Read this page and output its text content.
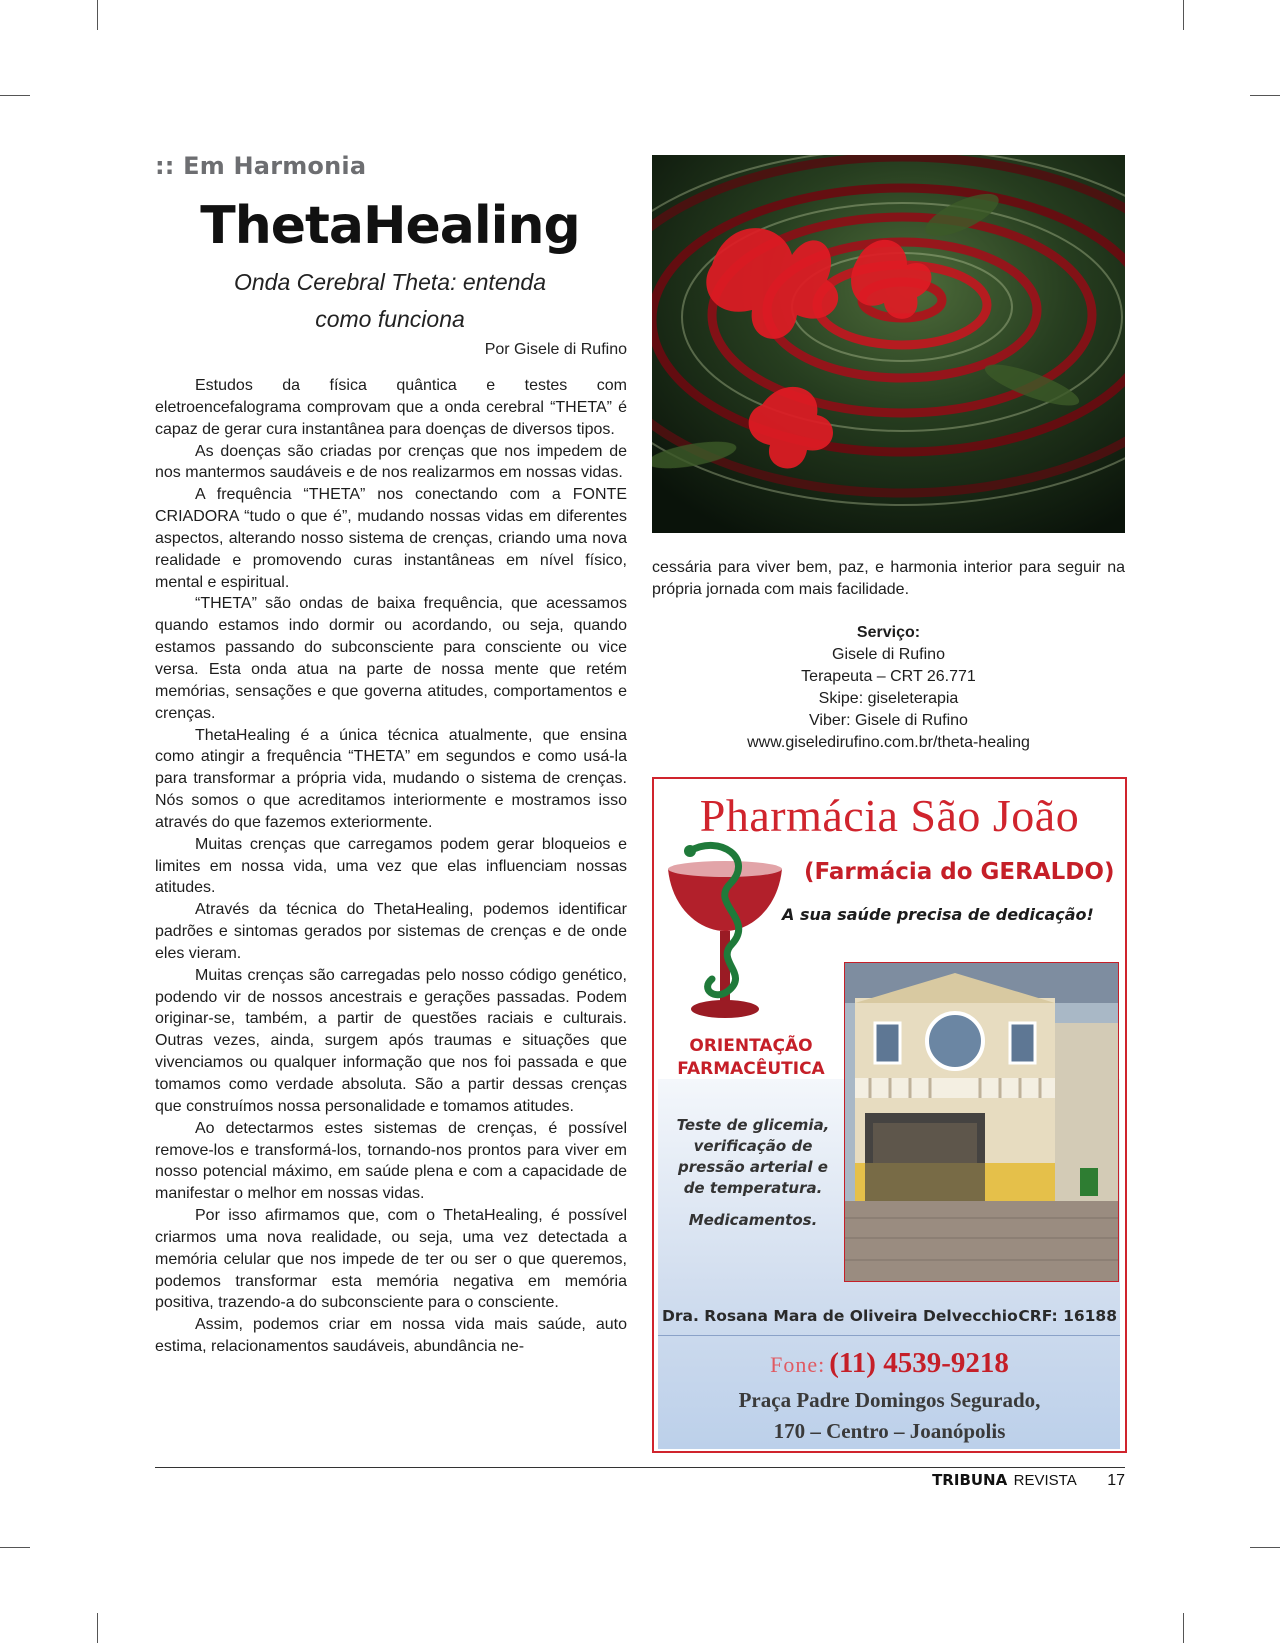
:: Em Harmonia
ThetaHealing
Onda Cerebral Theta: entenda
como funciona
Por Gisele di Rufino

Estudos da física quântica e testes com eletroencefalograma comprovam que a onda cerebral “THETA” é capaz de gerar cura instantânea para doenças de diversos tipos.

As doenças são criadas por crenças que nos impedem de nos mantermos saudáveis e de nos realizarmos em nossas vidas.

A frequência “THETA” nos conectando com a FONTE CRIADORA “tudo o que é”, mudando nossas vidas em diferentes aspectos, alterando nosso sistema de crenças, criando uma nova realidade e promovendo curas instantâneas em nível físico, mental e espiritual.

“THETA” são ondas de baixa frequência, que acessamos quando estamos indo dormir ou acordando, ou seja, quando estamos passando do subconsciente para consciente ou vice versa. Esta onda atua na parte de nossa mente que retém memórias, sensações e que governa atitudes, comportamentos e crenças.

ThetaHealing é a única técnica atualmente, que ensina como atingir a frequência “THETA” em segundos e como usá-la para transformar a própria vida, mudando o sistema de crenças. Nós somos o que acreditamos interiormente e mostramos isso através do que fazemos exteriormente.

Muitas crenças que carregamos podem gerar bloqueios e limites em nossa vida, uma vez que elas influenciam nossas atitudes.

Através da técnica do ThetaHealing, podemos identificar padrões e sintomas gerados por sistemas de crenças e de onde eles vieram.

Muitas crenças são carregadas pelo nosso código genético, podendo vir de nossos ancestrais e gerações passadas. Podem originar-se, também, a partir de questões raciais e culturais. Outras vezes, ainda, surgem após traumas e situações que vivenciamos ou qualquer informação que nos foi passada e que tomamos como verdade absoluta. São a partir dessas crenças que construímos nossa personalidade e tomamos atitudes.

Ao detectarmos estes sistemas de crenças, é possível remove-los e transformá-los, tornando-nos prontos para viver em nosso potencial máximo, em saúde plena e com a capacidade de manifestar o melhor em nossas vidas.

Por isso afirmamos que, com o ThetaHealing, é possível criarmos uma nova realidade, ou seja, uma vez detectada a memória celular que nos impede de ter ou ser o que queremos, podemos transformar esta memória negativa em memória positiva, trazendo-a do subconsciente para o consciente.

Assim, podemos criar em nossa vida mais saúde, auto estima, relacionamentos saudáveis, abundância ne-

cessária para viver bem, paz, e harmonia interior para seguir na própria jornada com mais facilidade.
Serviço:
Gisele di Rufino
Terapeuta – CRT 26.771
Skipe: giseleterapia
Viber: Gisele di Rufino
www.giseledirufino.com.br/theta-healing
Pharmácia São João
(Farmácia do GERALDO)
A sua saúde precisa de dedicação!
ORIENTAÇÃO
FARMACÊUTICA
Teste de glicemia,
verificação de
pressão arterial e
de temperatura.
Medicamentos.
Dra. Rosana Mara de Oliveira Delvecchio CRF: 16188
Fone: (11) 4539-9218
Praça Padre Domingos Segurado,
170 – Centro – Joanópolis
TRIBUNA REVISTA 17
